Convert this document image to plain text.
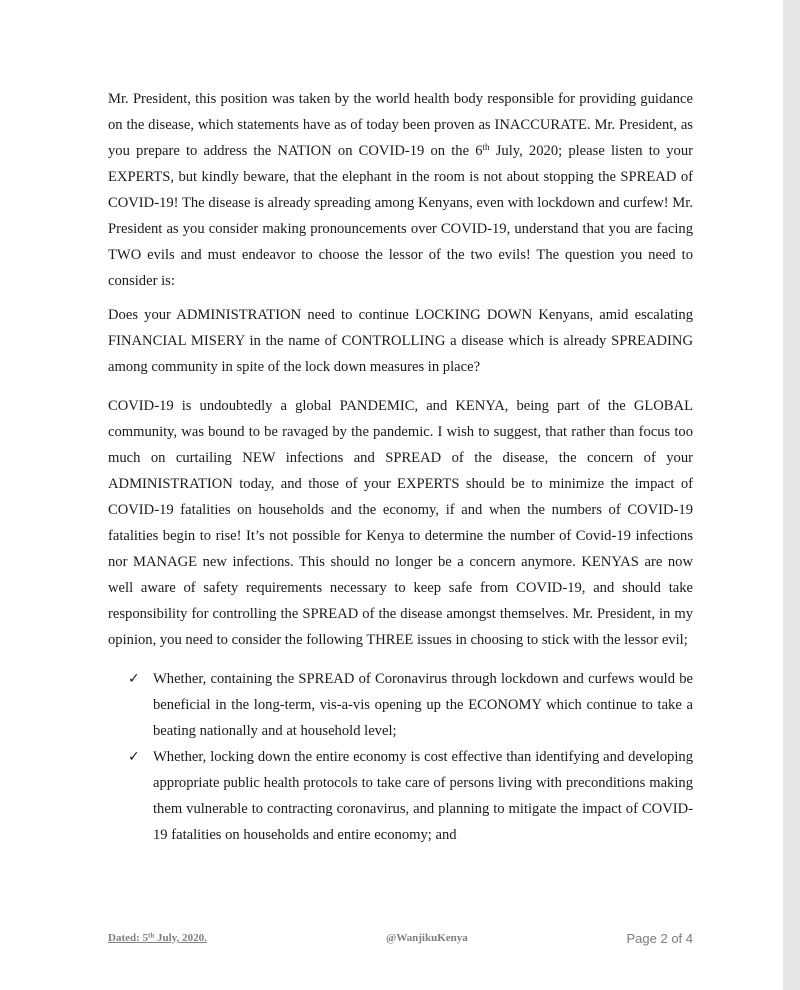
Mr. President, this position was taken by the world health body responsible for providing guidance on the disease, which statements have as of today been proven as INACCURATE. Mr. President, as you prepare to address the NATION on COVID-19 on the 6th July, 2020; please listen to your EXPERTS, but kindly beware, that the elephant in the room is not about stopping the SPREAD of COVID-19! The disease is already spreading among Kenyans, even with lockdown and curfew! Mr. President as you consider making pronouncements over COVID-19, understand that you are facing TWO evils and must endeavor to choose the lessor of the two evils! The question you need to consider is:

Does your ADMINISTRATION need to continue LOCKING DOWN Kenyans, amid escalating FINANCIAL MISERY in the name of CONTROLLING a disease which is already SPREADING among community in spite of the lock down measures in place?

COVID-19 is undoubtedly a global PANDEMIC, and KENYA, being part of the GLOBAL community, was bound to be ravaged by the pandemic. I wish to suggest, that rather than focus too much on curtailing NEW infections and SPREAD of the disease, the concern of your ADMINISTRATION today, and those of your EXPERTS should be to minimize the impact of COVID-19 fatalities on households and the economy, if and when the numbers of COVID-19 fatalities begin to rise! It’s not possible for Kenya to determine the number of Covid-19 infections nor MANAGE new infections. This should no longer be a concern anymore. KENYAS are now well aware of safety requirements necessary to keep safe from COVID-19, and should take responsibility for controlling the SPREAD of the disease amongst themselves. Mr. President, in my opinion, you need to consider the following THREE issues in choosing to stick with the lessor evil;

✓ Whether, containing the SPREAD of Coronavirus through lockdown and curfews would be beneficial in the long-term, vis-a-vis opening up the ECONOMY which continue to take a beating nationally and at household level;
✓ Whether, locking down the entire economy is cost effective than identifying and developing appropriate public health protocols to take care of persons living with preconditions making them vulnerable to contracting coronavirus, and planning to mitigate the impact of COVID-19 fatalities on households and entire economy; and
Dated: 5th July, 2020.	@WanjikuKenya	Page 2 of 4
